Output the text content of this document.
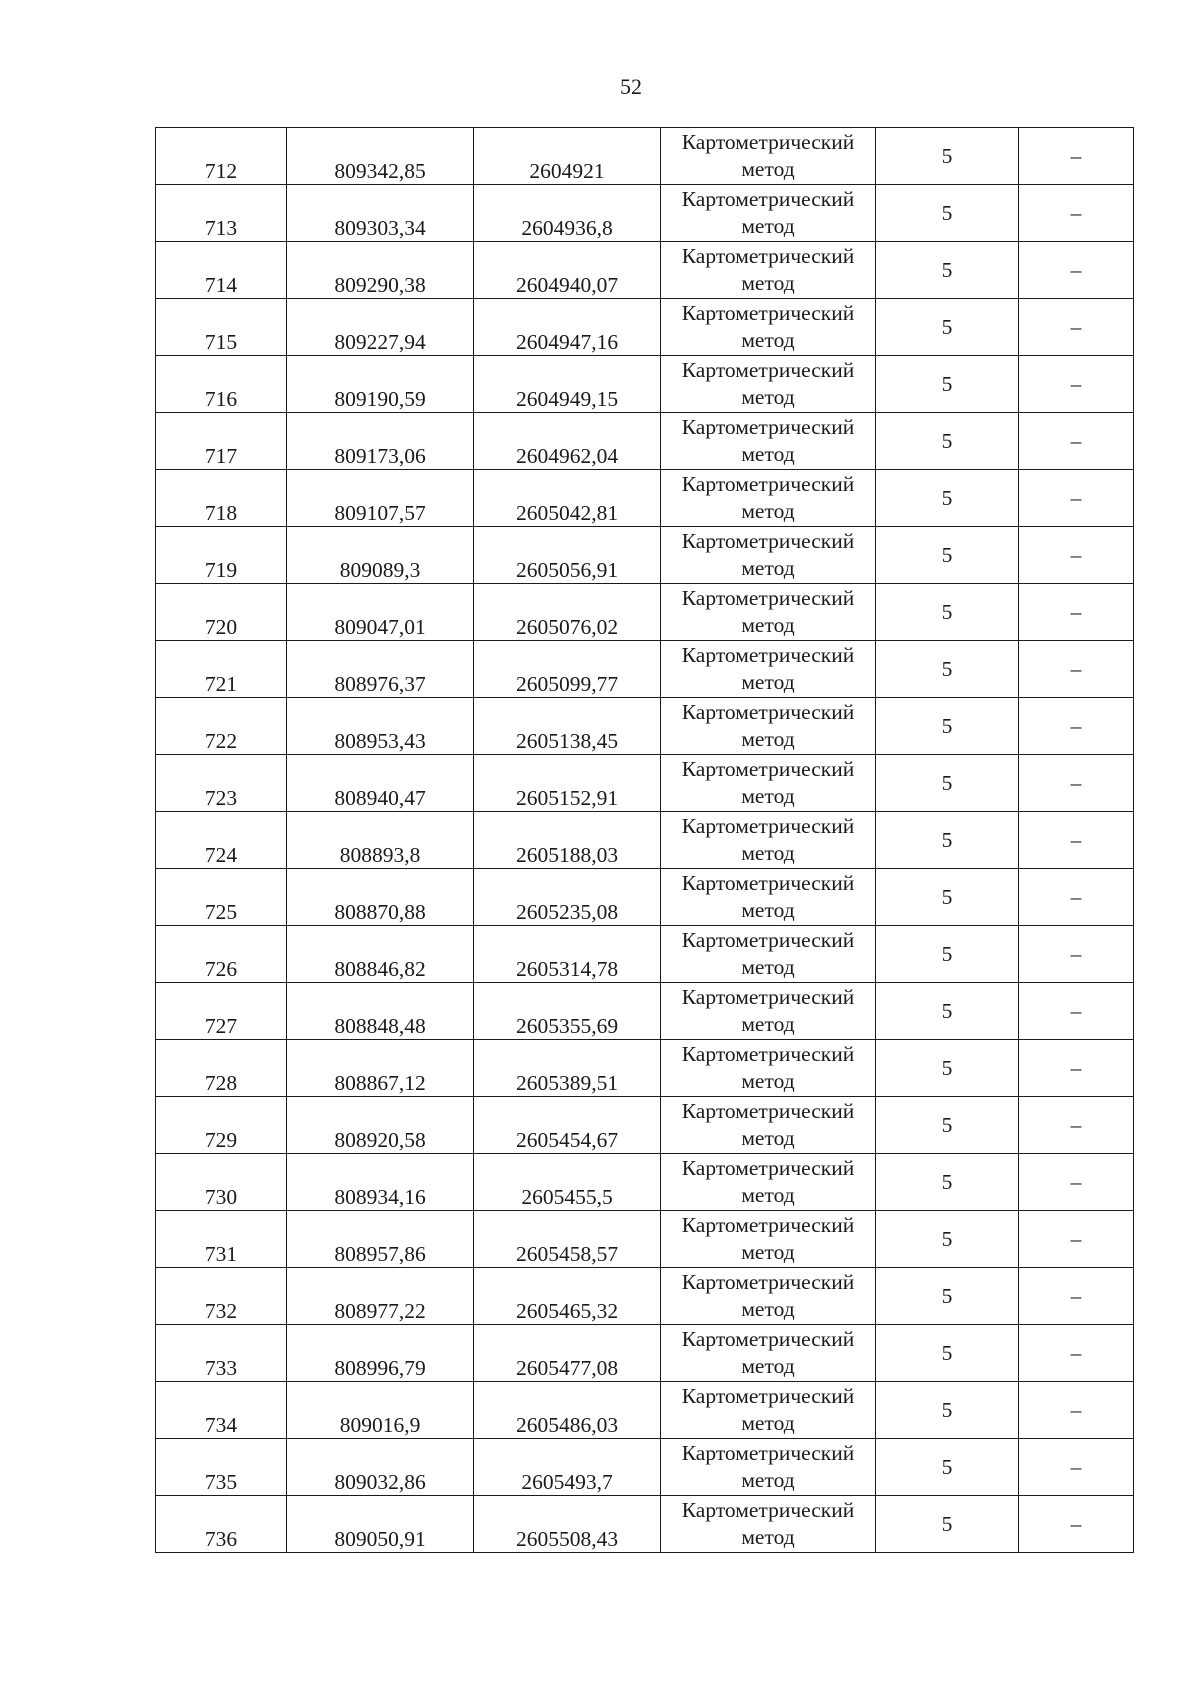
52
712	809342,85	2604921	Картометрический
метод	5	–
713	809303,34	2604936,8	Картометрический
метод	5	–
714	809290,38	2604940,07	Картометрический
метод	5	–
715	809227,94	2604947,16	Картометрический
метод	5	–
716	809190,59	2604949,15	Картометрический
метод	5	–
717	809173,06	2604962,04	Картометрический
метод	5	–
718	809107,57	2605042,81	Картометрический
метод	5	–
719	809089,3	2605056,91	Картометрический
метод	5	–
720	809047,01	2605076,02	Картометрический
метод	5	–
721	808976,37	2605099,77	Картометрический
метод	5	–
722	808953,43	2605138,45	Картометрический
метод	5	–
723	808940,47	2605152,91	Картометрический
метод	5	–
724	808893,8	2605188,03	Картометрический
метод	5	–
725	808870,88	2605235,08	Картометрический
метод	5	–
726	808846,82	2605314,78	Картометрический
метод	5	–
727	808848,48	2605355,69	Картометрический
метод	5	–
728	808867,12	2605389,51	Картометрический
метод	5	–
729	808920,58	2605454,67	Картометрический
метод	5	–
730	808934,16	2605455,5	Картометрический
метод	5	–
731	808957,86	2605458,57	Картометрический
метод	5	–
732	808977,22	2605465,32	Картометрический
метод	5	–
733	808996,79	2605477,08	Картометрический
метод	5	–
734	809016,9	2605486,03	Картометрический
метод	5	–
735	809032,86	2605493,7	Картометрический
метод	5	–
736	809050,91	2605508,43	Картометрический
метод	5	–
